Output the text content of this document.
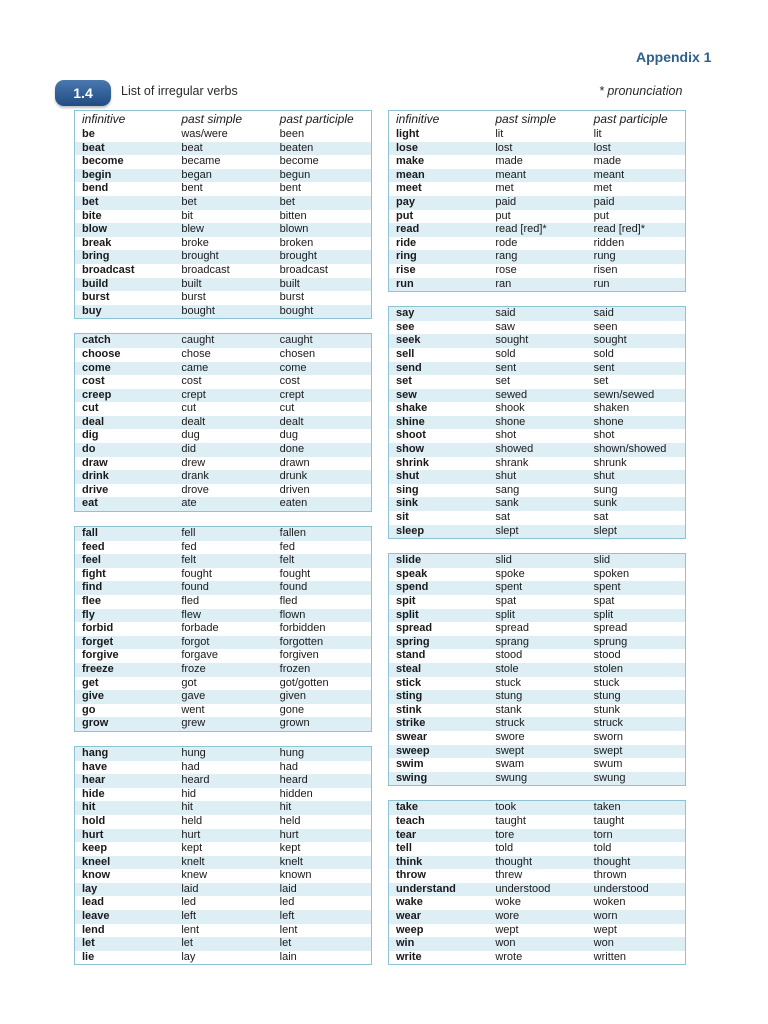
Appendix 1
1.4	List of irregular verbs	* pronunciation
infinitive	past simple	past participle
be	was/were	been
beat	beat	beaten
become	became	become
begin	began	begun
bend	bent	bent
bet	bet	bet
bite	bit	bitten
blow	blew	blown
break	broke	broken
bring	brought	brought
broadcast	broadcast	broadcast
build	built	built
burst	burst	burst
buy	bought	bought
catch	caught	caught
choose	chose	chosen
come	came	come
cost	cost	cost
creep	crept	crept
cut	cut	cut
deal	dealt	dealt
dig	dug	dug
do	did	done
draw	drew	drawn
drink	drank	drunk
drive	drove	driven
eat	ate	eaten
fall	fell	fallen
feed	fed	fed
feel	felt	felt
fight	fought	fought
find	found	found
flee	fled	fled
fly	flew	flown
forbid	forbade	forbidden
forget	forgot	forgotten
forgive	forgave	forgiven
freeze	froze	frozen
get	got	got/gotten
give	gave	given
go	went	gone
grow	grew	grown
hang	hung	hung
have	had	had
hear	heard	heard
hide	hid	hidden
hit	hit	hit
hold	held	held
hurt	hurt	hurt
keep	kept	kept
kneel	knelt	knelt
know	knew	known
lay	laid	laid
lead	led	led
leave	left	left
lend	lent	lent
let	let	let
lie	lay	lain
infinitive	past simple	past participle
light	lit	lit
lose	lost	lost
make	made	made
mean	meant	meant
meet	met	met
pay	paid	paid
put	put	put
read	read [red]*	read [red]*
ride	rode	ridden
ring	rang	rung
rise	rose	risen
run	ran	run
say	said	said
see	saw	seen
seek	sought	sought
sell	sold	sold
send	sent	sent
set	set	set
sew	sewed	sewn/sewed
shake	shook	shaken
shine	shone	shone
shoot	shot	shot
show	showed	shown/showed
shrink	shrank	shrunk
shut	shut	shut
sing	sang	sung
sink	sank	sunk
sit	sat	sat
sleep	slept	slept
slide	slid	slid
speak	spoke	spoken
spend	spent	spent
spit	spat	spat
split	split	split
spread	spread	spread
spring	sprang	sprung
stand	stood	stood
steal	stole	stolen
stick	stuck	stuck
sting	stung	stung
stink	stank	stunk
strike	struck	struck
swear	swore	sworn
sweep	swept	swept
swim	swam	swum
swing	swung	swung
take	took	taken
teach	taught	taught
tear	tore	torn
tell	told	told
think	thought	thought
throw	threw	thrown
understand	understood	understood
wake	woke	woken
wear	wore	worn
weep	wept	wept
win	won	won
write	wrote	written
